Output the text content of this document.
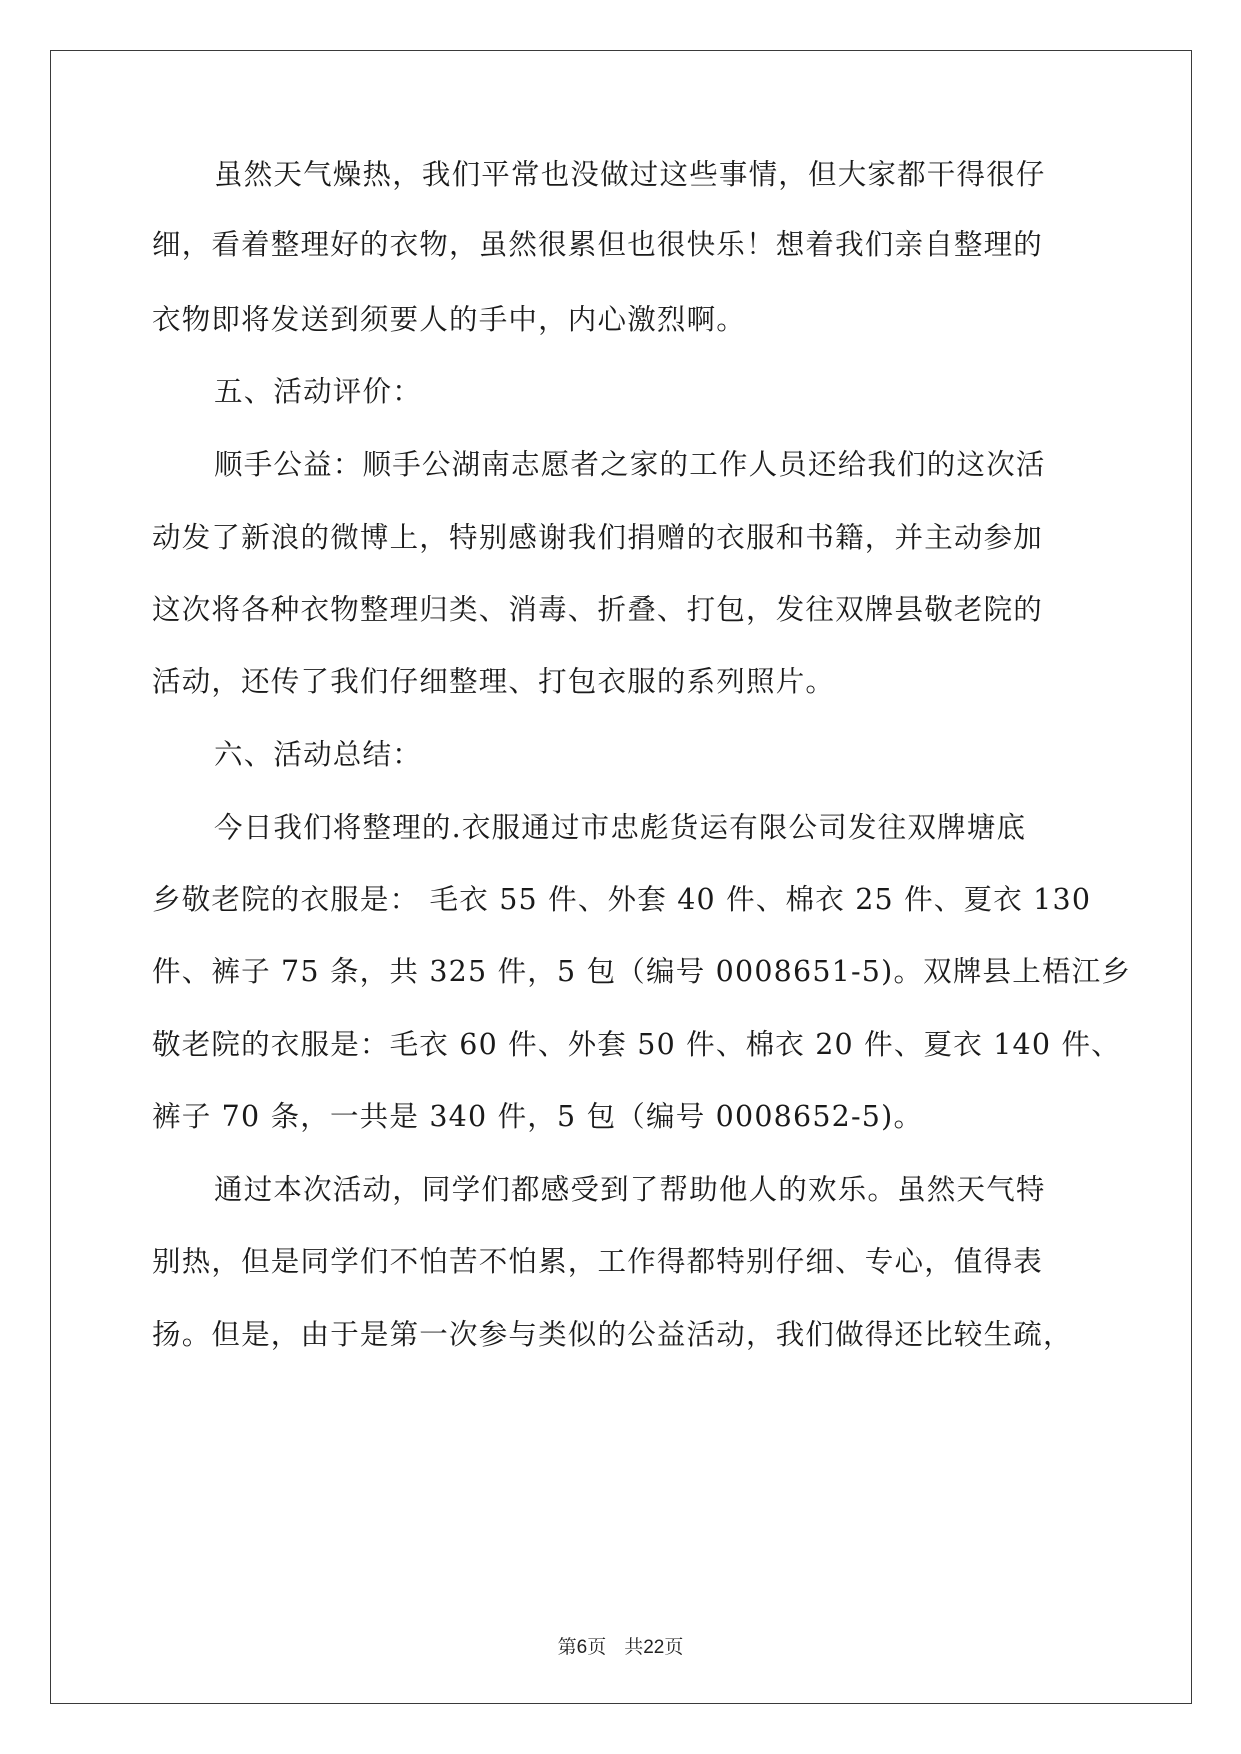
虽然天气燥热，我们平常也没做过这些事情，但大家都干得很仔
细，看着整理好的衣物，虽然很累但也很快乐！想着我们亲自整理的
衣物即将发送到须要人的手中，内心激烈啊。
五、活动评价：
顺手公益：顺手公湖南志愿者之家的工作人员还给我们的这次活
动发了新浪的微博上，特别感谢我们捐赠的衣服和书籍，并主动参加
这次将各种衣物整理归类、消毒、折叠、打包，发往双牌县敬老院的
活动，还传了我们仔细整理、打包衣服的系列照片。
六、活动总结：
今日我们将整理的.衣服通过市忠彪货运有限公司发往双牌塘底
乡敬老院的衣服是： 毛衣 55 件、外套 40 件、棉衣 25 件、夏衣 130
件、裤子 75 条，共 325 件，5 包（编号 0008651-5)。双牌县上梧江乡
敬老院的衣服是：毛衣 60 件、外套 50 件、棉衣 20 件、夏衣 140 件、
裤子 70 条，一共是 340 件，5 包（编号 0008652-5)。
通过本次活动，同学们都感受到了帮助他人的欢乐。虽然天气特
别热，但是同学们不怕苦不怕累，工作得都特别仔细、专心，值得表
扬。但是，由于是第一次参与类似的公益活动，我们做得还比较生疏，
第6页 共22页
